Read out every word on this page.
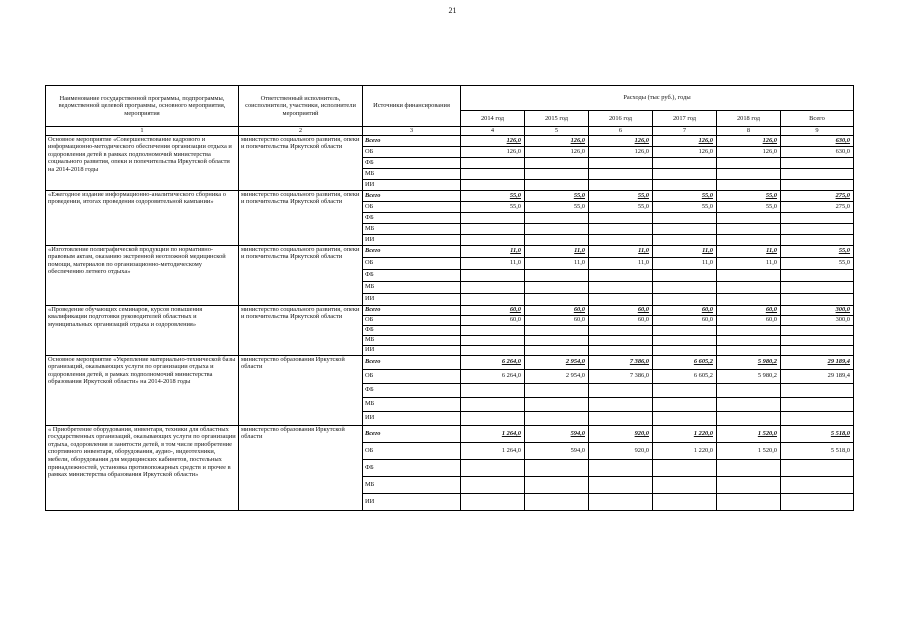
21
Наименование государственной программы, подпрограммы, ведомственной целевой программы, основного мероприятия, мероприятия	Ответственный исполнитель, соисполнители, участники, исполнители мероприятий	Источники финансирования	Расходы (тыс руб.), годы					
			2014 год	2015 год	2016 год	2017 год	2018 год	Всего
1	2	3	4	5	6	7	8	9
Основное мероприятие «Совершенствование кадрового и информационно-методического обеспечения организации отдыха и оздоровления детей в рамках подполномочий министерства социального развития, опеки и попечительства Иркутской области на 2014-2018 годы	министерство социального развития, опеки и попечительства Иркутской области	Всего	126,0	126,0	126,0	126,0	126,0	630,0
		ОБ	126,0	126,0	126,0	126,0	126,0	630,0
		ФБ						
		МБ						
		ИИ						
«Ежегодное издание информационно-аналитического сборника о проведении, итогах проведения оздоровительной кампании»	министерство социального развития, опеки и попечительства Иркутской области	Всего	55,0	55,0	55,0	55,0	55,0	275,0
		ОБ	55,0	55,0	55,0	55,0	55,0	275,0
		ФБ						
		МБ						
		ИИ						
«Изготовление полиграфической продукции по нормативно-правовым актам, оказанию экстренной неотложной медицинской помощи, материалов по организационно-методическому обеспечению летнего отдыха»	министерство социального развития, опеки и попечительства Иркутской области	Всего	11,0	11,0	11,0	11,0	11,0	55,0
		ОБ	11,0	11,0	11,0	11,0	11,0	55,0
		ФБ						
		МБ						
		ИИ						
«Проведение обучающих семинаров, курсов повышения квалификации подготовки руководителей областных и муниципальных организаций отдыха и оздоровления»	министерство социального развития, опеки и попечительства Иркутской области	Всего	60,0	60,0	60,0	60,0	60,0	300,0
		ОБ	60,0	60,0	60,0	60,0	60,0	300,0
		ФБ						
		МБ						
		ИИ						
Основное мероприятие «Укрепление материально-технической базы организаций, оказывающих услуги по организации отдыха и оздоровления детей, в рамках подполномочий министерства образования Иркутской области» на 2014-2018 годы	министерство образования Иркутской области	Всего	6 264,0	2 954,0	7 386,0	6 605,2	5 980,2	29 189,4
		ОБ	6 264,0	2 954,0	7 386,0	6 605,2	5 980,2	29 189,4
		ФБ						
		МБ						
		ИИ						
« Приобретение оборудования, инвентаря, техники для областных государственных организаций, оказывающих услуги по организации отдыха, оздоровления и занятости детей, в том числе приобретение спортивного инвентаря, оборудования, аудио-, видеотехники, мебели, оборудования для медицинских кабинетов, постельных принадлежностей, установка противопожарных средств и прочее в рамках министерства образования Иркутской области»	министерство образования Иркутской области	Всего	1 264,0	594,0	920,0	1 220,0	1 520,0	5 518,0
		ОБ	1 264,0	594,0	920,0	1 220,0	1 520,0	5 518,0
		ФБ						
		МБ						
		ИИ						
